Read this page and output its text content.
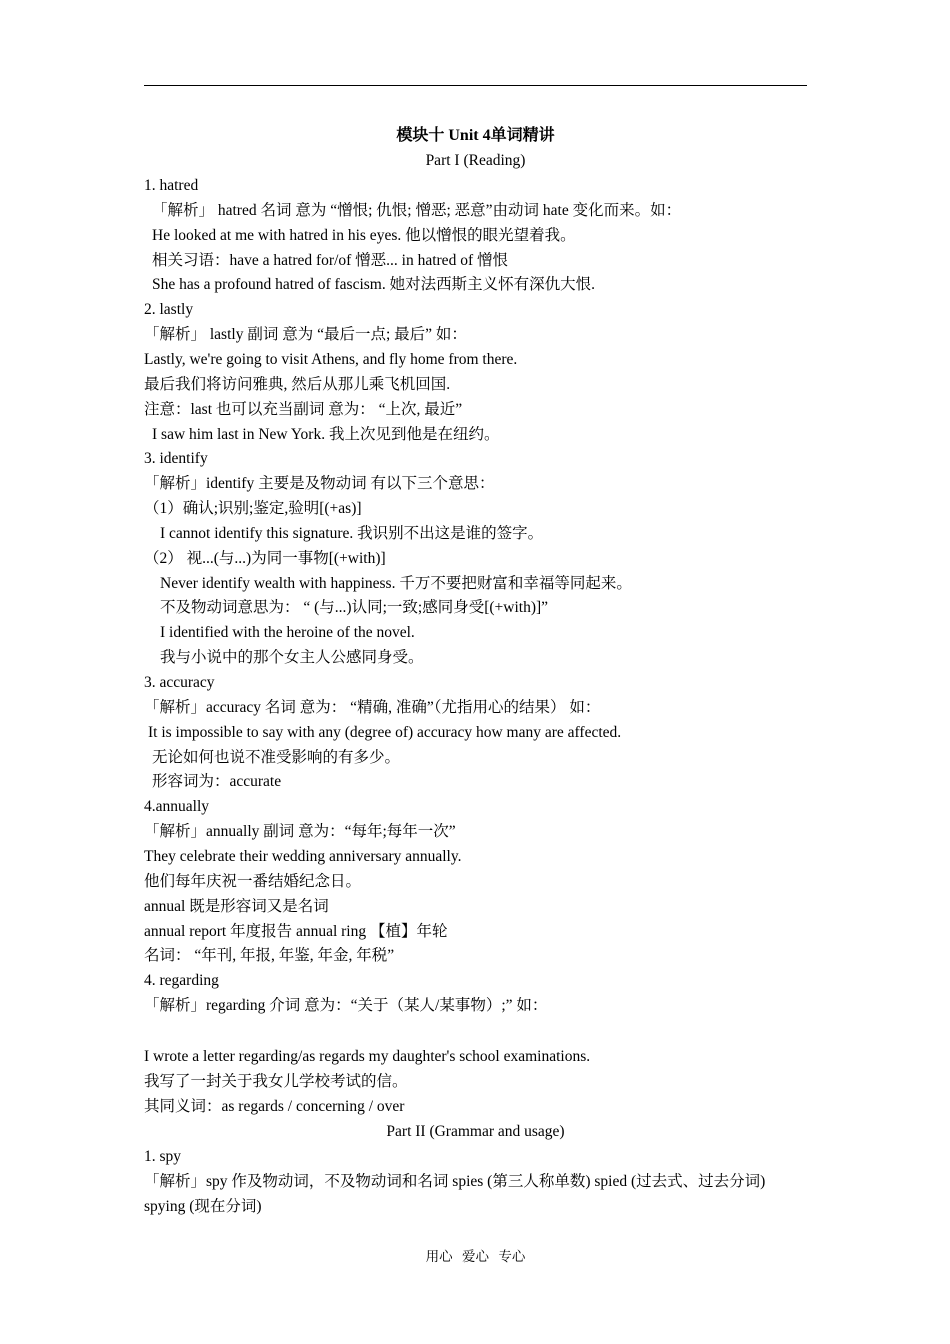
模块十 Unit 4单词精讲
Part I (Reading)
1. hatred
「解析」 hatred 名词 意为 “憎恨; 仇恨; 憎恶; 恶意”由动词 hate 变化而来。如：
He looked at me with hatred in his eyes. 他以憎恨的眼光望着我。
相关习语：have a hatred for/of 憎恶... in hatred of 憎恨
She has a profound hatred of fascism. 她对法西斯主义怀有深仇大恨.
2. lastly
「解析」 lastly 副词 意为 “最后一点; 最后” 如：
Lastly, we're going to visit Athens, and fly home from there.
最后我们将访问雅典, 然后从那儿乘飞机回国.
注意：last 也可以充当副词 意为： “上次, 最近”
I saw him last in New York. 我上次见到他是在纽约。
3. identify
「解析」identify 主要是及物动词 有以下三个意思：
（1）确认;识别;鉴定,验明[(+as)]
I cannot identify this signature. 我识别不出这是谁的签字。
（2） 视...(与...)为同一事物[(+with)]
Never identify wealth with happiness. 千万不要把财富和幸福等同起来。
不及物动词意思为： “ (与...)认同;一致;感同身受[(+with)]”
I identified with the heroine of the novel.
我与小说中的那个女主人公感同身受。
3. accuracy
「解析」accuracy 名词 意为： “精确, 准确”（尤指用心的结果） 如：
It is impossible to say with any (degree of) accuracy how many are affected.
无论如何也说不准受影响的有多少。
形容词为：accurate
4.annually
「解析」annually 副词 意为：“每年;每年一次”
They celebrate their wedding anniversary annually.
他们每年庆祝一番结婚纪念日。
annual 既是形容词又是名词
annual report 年度报告 annual ring 【植】年轮
名词： “年刊, 年报, 年鉴, 年金, 年税”
4. regarding
「解析」regarding 介词 意为：“关于（某人/某事物）;” 如：
I wrote a letter regarding/as regards my daughter's school examinations.
我写了一封关于我女儿学校考试的信。
其同义词：as regards / concerning / over
Part II (Grammar and usage)
1. spy
「解析」spy 作及物动词，不及物动词和名词 spies (第三人称单数) spied (过去式、过去分词)
spying (现在分词)
用心 爱心 专心
